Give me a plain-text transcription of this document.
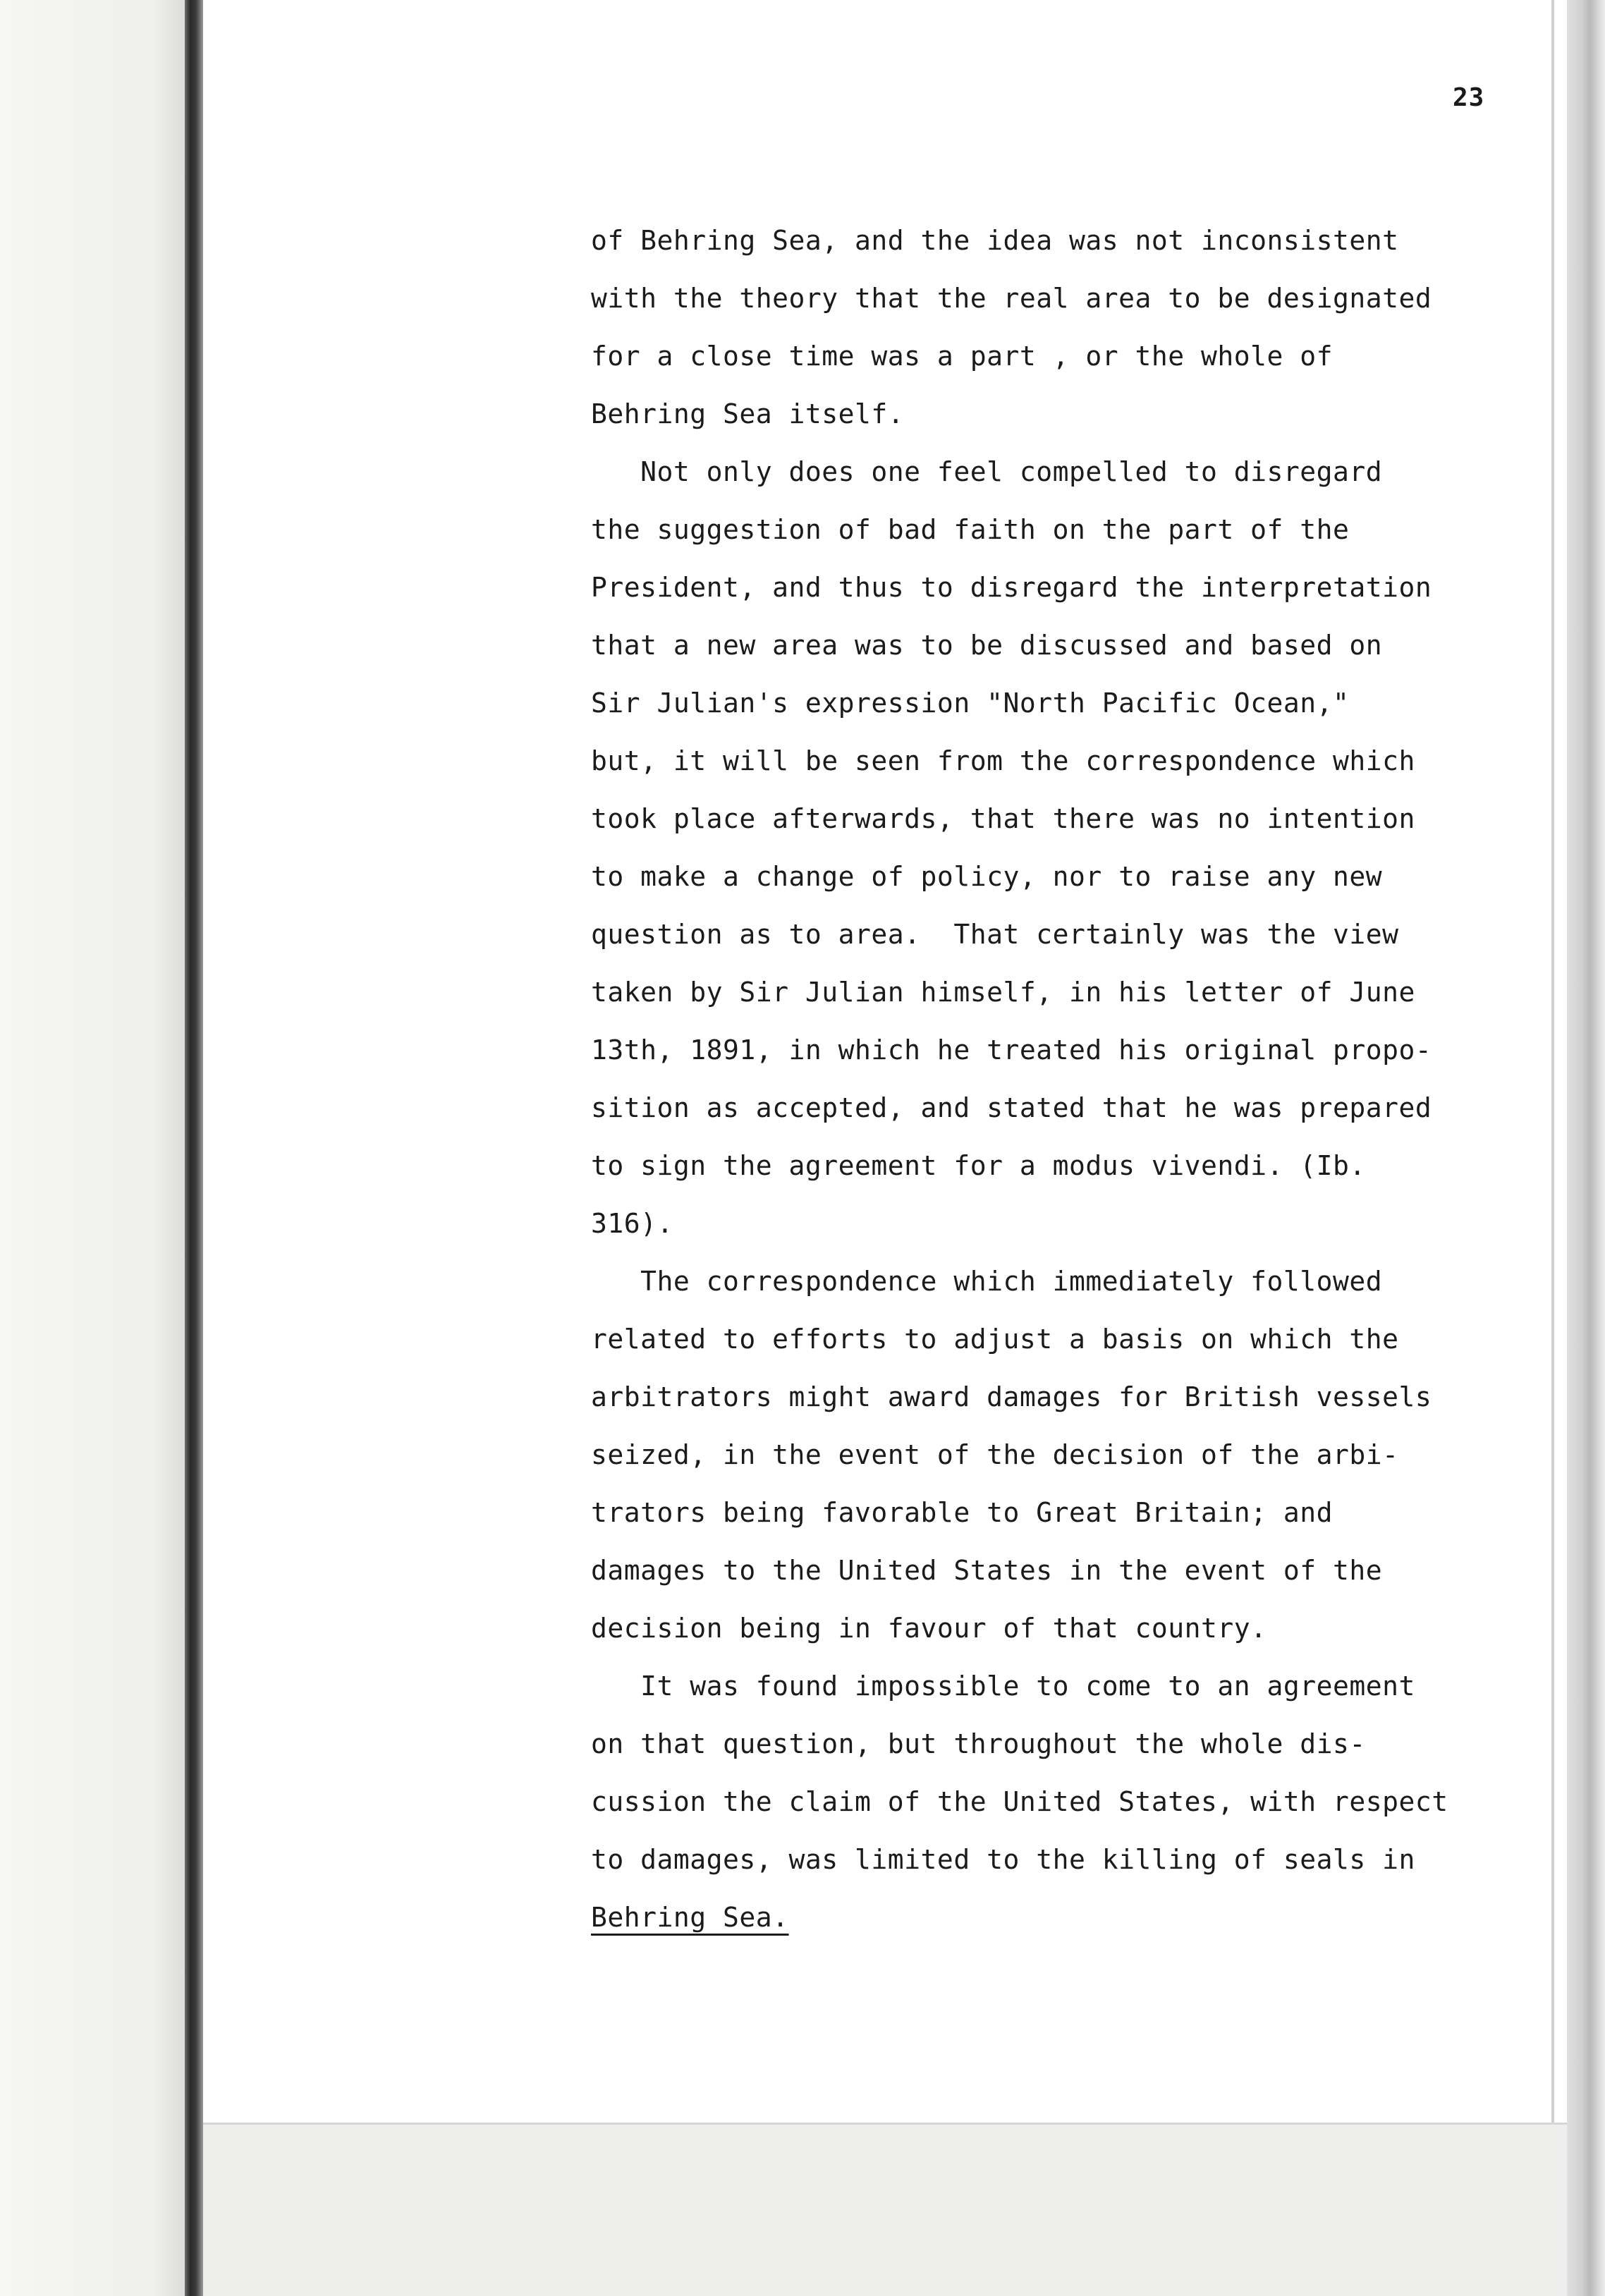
23
of Behring Sea, and the idea was not inconsistent
with the theory that the real area to be designated
for a close time was a part , or the whole of
Behring Sea itself.
Not only does one feel compelled to disregard
the suggestion of bad faith on the part of the
President, and thus to disregard the interpretation
that a new area was to be discussed and based on
Sir Julian's expression "North Pacific Ocean,"
but, it will be seen from the correspondence which
took place afterwards, that there was no intention
to make a change of policy, nor to raise any new
question as to area.  That certainly was the view
taken by Sir Julian himself, in his letter of June
13th, 1891, in which he treated his original propo-
sition as accepted, and stated that he was prepared
to sign the agreement for a modus vivendi. (Ib.
316).
The correspondence which immediately followed
related to efforts to adjust a basis on which the
arbitrators might award damages for British vessels
seized, in the event of the decision of the arbi-
trators being favorable to Great Britain; and
damages to the United States in the event of the
decision being in favour of that country.
It was found impossible to come to an agreement
on that question, but throughout the whole dis-
cussion the claim of the United States, with respect
to damages, was limited to the killing of seals in
Behring Sea.
